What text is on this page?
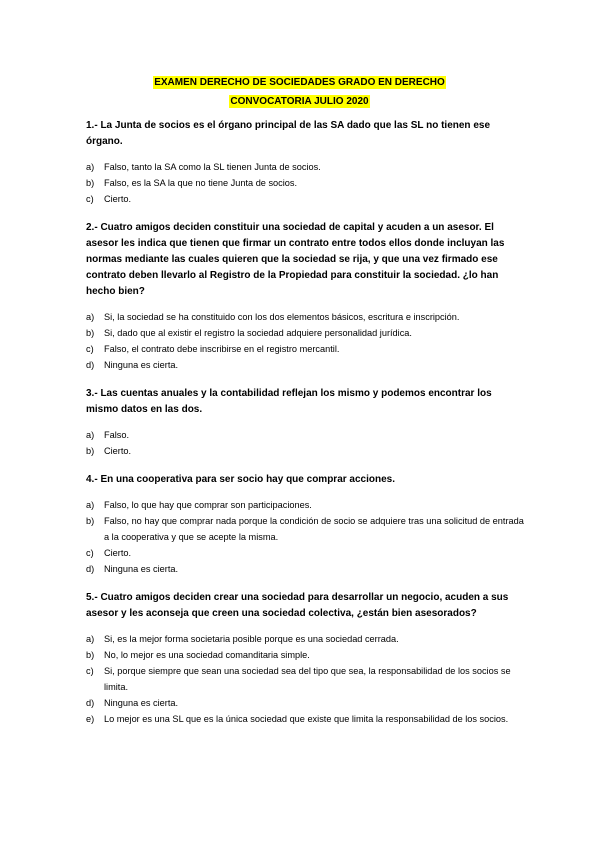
EXAMEN DERECHO DE SOCIEDADES GRADO EN DERECHO
CONVOCATORIA JULIO 2020

1.- La Junta de socios es el órgano principal de las SA dado que las SL no tienen ese órgano.

a)	Falso, tanto la SA como la SL tienen Junta de socios.
b)	Falso, es la SA la que no tiene Junta de socios.
c)	Cierto.

2.- Cuatro amigos deciden constituir una sociedad de capital y acuden a un asesor. El asesor les indica que tienen que firmar un contrato entre todos ellos donde incluyan las normas mediante las cuales quieren que la sociedad se rija, y que una vez firmado ese contrato deben llevarlo al Registro de la Propiedad para constituir la sociedad. ¿lo han hecho bien?

a)	Si, la sociedad se ha constituido con los dos elementos básicos, escritura e inscripción.
b)	Si, dado que al existir el registro la sociedad adquiere personalidad jurídica.
c)	Falso, el contrato debe inscribirse en el registro mercantil.
d)	Ninguna es cierta.

3.- Las cuentas anuales y la contabilidad reflejan los mismo y podemos encontrar los mismo datos en las dos.

a)	Falso.
b)	Cierto.

4.- En una cooperativa para ser socio hay que comprar acciones.

a)	Falso, lo que hay que comprar son participaciones.
b)	Falso, no hay que comprar nada porque la condición de socio se adquiere tras una solicitud de entrada a la cooperativa y que se acepte la misma.
c)	Cierto.
d)	Ninguna es cierta.

5.- Cuatro amigos deciden crear una sociedad para desarrollar un negocio, acuden a sus asesor y les aconseja que creen una sociedad colectiva, ¿están bien asesorados?

a)	Si, es la mejor forma societaria posible porque es una sociedad cerrada.
b)	No, lo mejor es una sociedad comanditaria simple.
c)	Si, porque siempre que sean una sociedad sea del tipo que sea, la responsabilidad de los socios se limita.
d)	Ninguna es cierta.
e)	Lo mejor es una SL que es la única sociedad que existe que limita la responsabilidad de los socios.
